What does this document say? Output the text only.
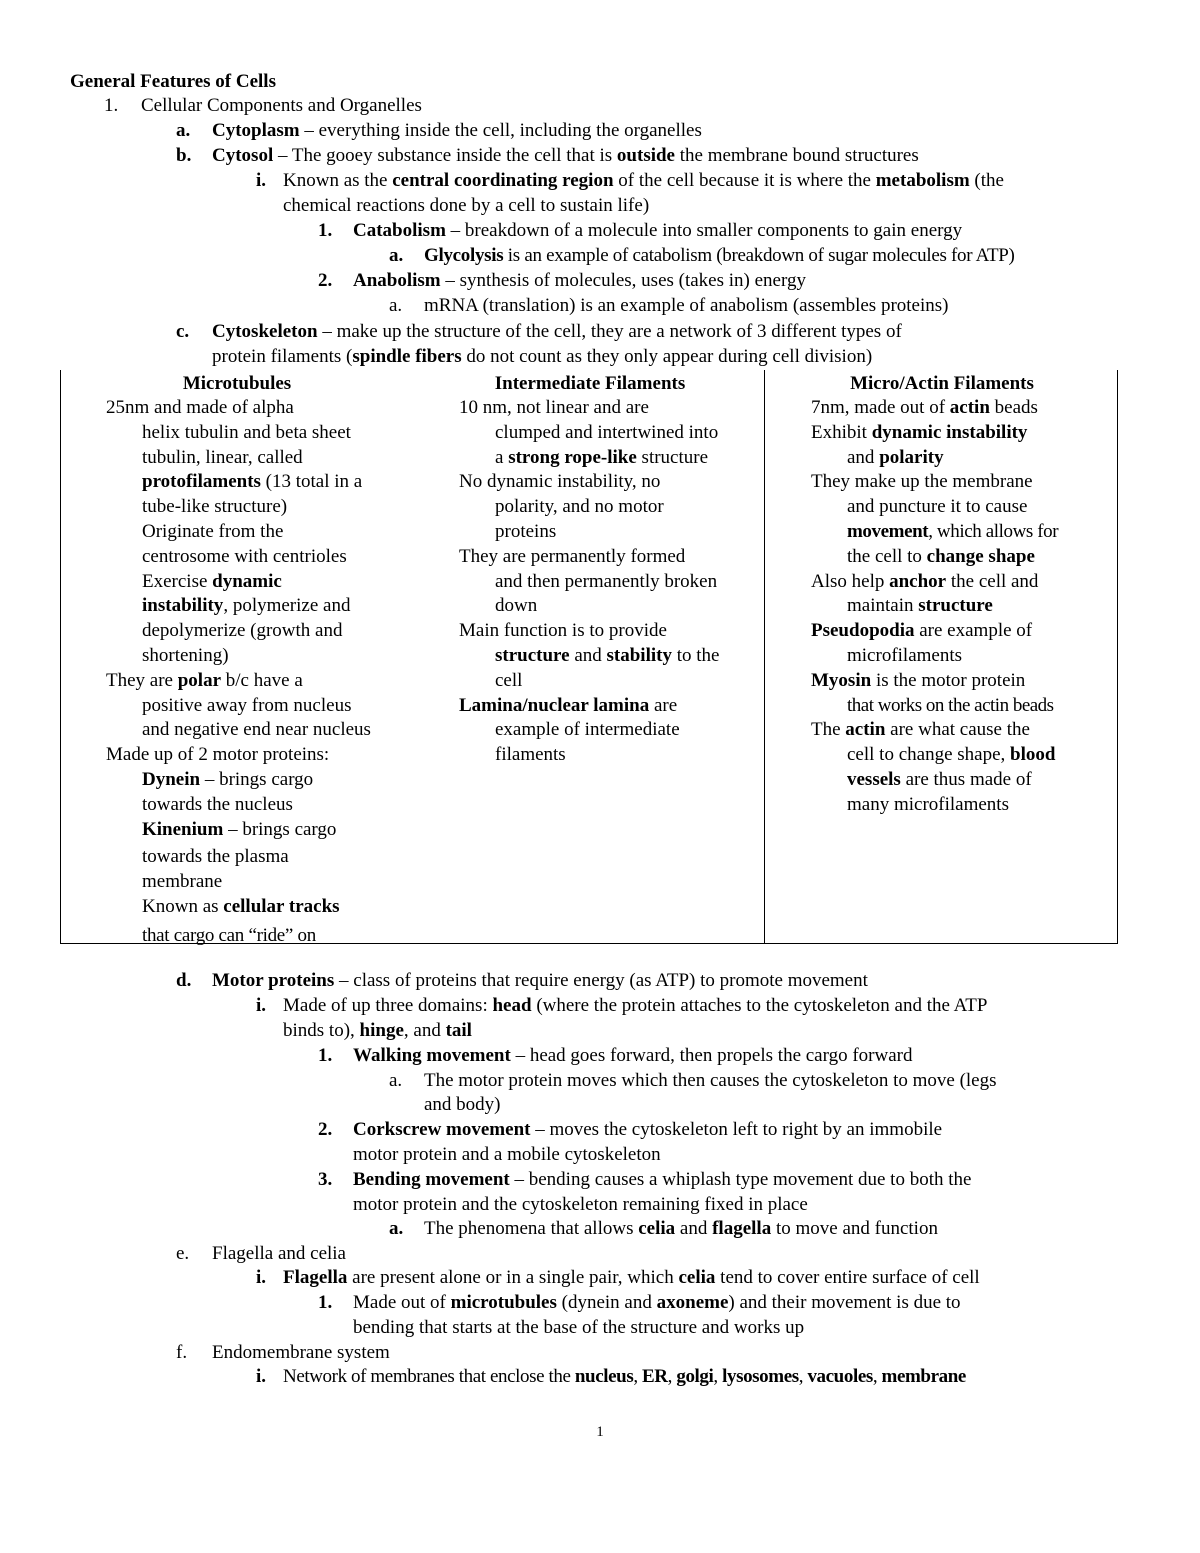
General Features of Cells
1. Cellular Components and Organelles
a. Cytoplasm – everything inside the cell, including the organelles
b. Cytosol – The gooey substance inside the cell that is outside the membrane bound structures
i. Known as the central coordinating region of the cell because it is where the metabolism (the
chemical reactions done by a cell to sustain life)
1. Catabolism – breakdown of a molecule into smaller components to gain energy
a. Glycolysis is an example of catabolism (breakdown of sugar molecules for ATP)
2. Anabolism – synthesis of molecules, uses (takes in) energy
a. mRNA (translation) is an example of anabolism (assembles proteins)
c. Cytoskeleton – make up the structure of the cell, they are a network of 3 different types of
protein filaments (spindle fibers do not count as they only appear during cell division)
Microtubules
25nm and made of alpha
helix tubulin and beta sheet
tubulin, linear, called
protofilaments (13 total in a
tube-like structure)
Originate from the
centrosome with centrioles
Exercise dynamic
instability, polymerize and
depolymerize (growth and
shortening)
They are polar b/c have a
positive away from nucleus
and negative end near nucleus
Made up of 2 motor proteins:
Dynein – brings cargo
towards the nucleus
Kinenium – brings cargo
towards the plasma
membrane
Known as cellular tracks
that cargo can “ride” on
Intermediate Filaments
10 nm, not linear and are
clumped and intertwined into
a strong rope-like structure
No dynamic instability, no
polarity, and no motor
proteins
They are permanently formed
and then permanently broken
down
Main function is to provide
structure and stability to the
cell
Lamina/nuclear lamina are
example of intermediate
filaments
Micro/Actin Filaments
7nm, made out of actin beads
Exhibit dynamic instability
and polarity
They make up the membrane
and puncture it to cause
movement, which allows for
the cell to change shape
Also help anchor the cell and
maintain structure
Pseudopodia are example of
microfilaments
Myosin is the motor protein
that works on the actin beads
The actin are what cause the
cell to change shape, blood
vessels are thus made of
many microfilaments
d. Motor proteins – class of proteins that require energy (as ATP) to promote movement
i. Made of up three domains: head (where the protein attaches to the cytoskeleton and the ATP
binds to), hinge, and tail
1. Walking movement – head goes forward, then propels the cargo forward
a. The motor protein moves which then causes the cytoskeleton to move (legs
and body)
2. Corkscrew movement – moves the cytoskeleton left to right by an immobile
motor protein and a mobile cytoskeleton
3. Bending movement – bending causes a whiplash type movement due to both the
motor protein and the cytoskeleton remaining fixed in place
a. The phenomena that allows celia and flagella to move and function
e. Flagella and celia
i. Flagella are present alone or in a single pair, which celia tend to cover entire surface of cell
1. Made out of microtubules (dynein and axoneme) and their movement is due to
bending that starts at the base of the structure and works up
f. Endomembrane system
i. Network of membranes that enclose the nucleus, ER, golgi, lysosomes, vacuoles, membrane
1
